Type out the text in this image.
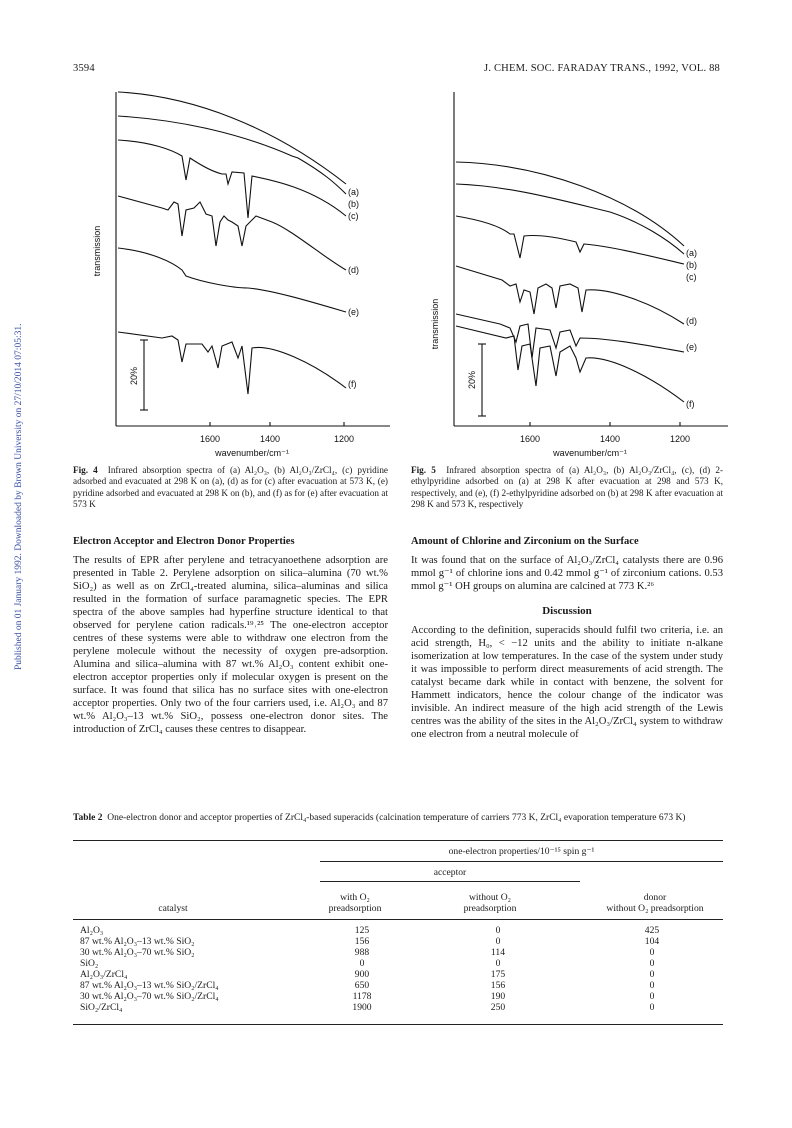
3594	J. CHEM. SOC. FARADAY TRANS., 1992, VOL. 88
Published on 01 January 1992. Downloaded by Brown University on 27/10/2014 07:05:31.
(a)
(b)
(c)
(d)
(e)
(f)
1600	1400	1200
wavenumber/cm⁻¹
transmission
20%
(a)
(b)
(c)
(d)
(e)
(f)
1600	1400	1200
wavenumber/cm⁻¹
transmission
20%
Fig. 4 Infrared absorption spectra of (a) Al₂O₃, (b) Al₂O₃/ZrCl₄, (c) pyridine adsorbed and evacuated at 298 K on (a), (d) as for (c) after evacuation at 573 K, (e) pyridine adsorbed and evacuated at 298 K on (b), and (f) as for (e) after evacuation at 573 K
Fig. 5 Infrared absorption spectra of (a) Al₂O₃, (b) Al₂O₃/ZrCl₄, (c), (d) 2-ethylpyridine adsorbed on (a) at 298 K after evacuation at 298 and 573 K, respectively, and (e), (f) 2-ethylpyridine adsorbed on (b) at 298 K after evacuation at 298 K and 573 K, respectively
Electron Acceptor and Electron Donor Properties
The results of EPR after perylene and tetracyanoethene adsorption are presented in Table 2. Perylene adsorption on silica–alumina (70 wt.% SiO₂) as well as on ZrCl₄-treated alumina, silica–aluminas and silica resulted in the formation of surface paramagnetic species. The EPR spectra of the above samples had hyperfine structure identical to that observed for perylene cation radicals.¹⁹˒²⁵ The one-electron acceptor centres of these systems were able to withdraw one electron from the perylene molecule without the necessity of oxygen pre-adsorption. Alumina and silica–alumina with 87 wt.% Al₂O₃ content exhibit one-electron acceptor properties only if molecular oxygen is present on the surface. It was found that silica has no surface sites with one-electron acceptor properties. Only two of the four carriers used, i.e. Al₂O₃ and 87 wt.% Al₂O₃–13 wt.% SiO₂, possess one-electron donor sites. The introduction of ZrCl₄ causes these centres to disappear.
Amount of Chlorine and Zirconium on the Surface
It was found that on the surface of Al₂O₃/ZrCl₄ catalysts there are 0.96 mmol g⁻¹ of chlorine ions and 0.42 mmol g⁻¹ of zirconium cations. 0.53 mmol g⁻¹ OH groups on alumina are calcined at 773 K.²⁶
Discussion
According to the definition, superacids should fulfil two criteria, i.e. an acid strength, H₀, < −12 units and the ability to initiate n-alkane isomerization at low temperatures. In the case of the system under study it was impossible to perform direct measurements of acid strength. The catalyst became dark while in contact with benzene, the solvent for Hammett indicators, hence the colour change of the indicator was invisible. An indirect measure of the high acid strength of the Lewis centres was the ability of the sites in the Al₂O₃/ZrCl₄ system to withdraw one electron from a neutral molecule of
Table 2 One-electron donor and acceptor properties of ZrCl₄-based superacids (calcination temperature of carriers 773 K, ZrCl₄ evaporation temperature 673 K)
one-electron properties/10⁻¹⁵ spin g⁻¹
acceptor
with O₂
preadsorption
without O₂
preadsorption
donor
without O₂ preadsorption
catalyst
Al₂O₃	125	0	425
87 wt.% Al₂O₃–13 wt.% SiO₂	156	0	104
30 wt.% Al₂O₃–70 wt.% SiO₂	988	114	0
SiO₂	0	0	0
Al₂O₃/ZrCl₄	900	175	0
87 wt.% Al₂O₃–13 wt.% SiO₂/ZrCl₄	650	156	0
30 wt.% Al₂O₃–70 wt.% SiO₂/ZrCl₄	1178	190	0
SiO₂/ZrCl₄	1900	250	0
